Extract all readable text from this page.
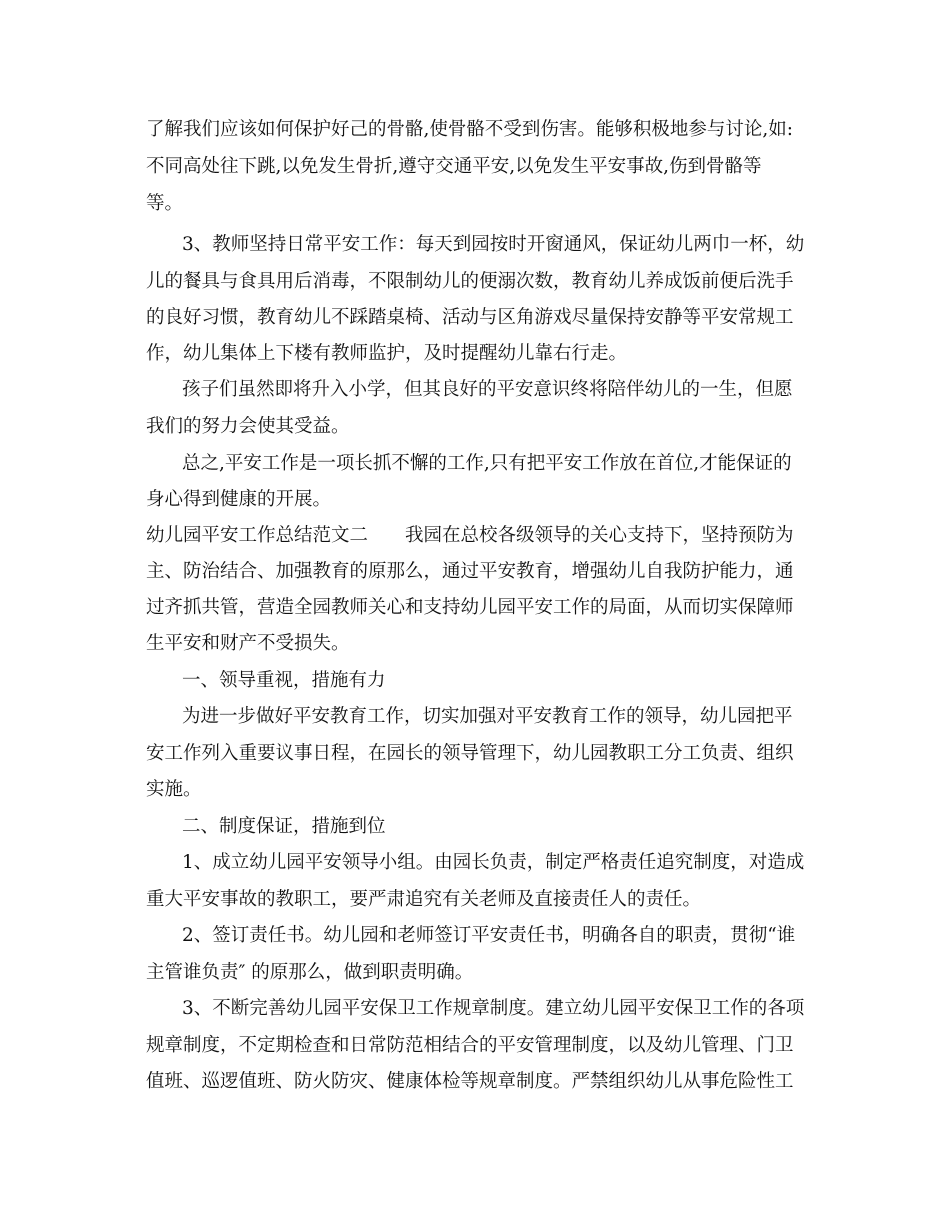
了解我们应该如何保护好己的骨骼,使骨骼不受到伤害。能够积极地参与讨论,如:
不同高处往下跳,以免发生骨折,遵守交通平安,以免发生平安事故,伤到骨骼等
等。
3、教师坚持日常平安工作：每天到园按时开窗通风，保证幼儿两巾一杯，幼
儿的餐具与食具用后消毒，不限制幼儿的便溺次数，教育幼儿养成饭前便后洗手
的良好习惯，教育幼儿不踩踏桌椅、活动与区角游戏尽量保持安静等平安常规工
作，幼儿集体上下楼有教师监护，及时提醒幼儿靠右行走。
孩子们虽然即将升入小学，但其良好的平安意识终将陪伴幼儿的一生，但愿
我们的努力会使其受益。
总之,平安工作是一项长抓不懈的工作,只有把平安工作放在首位,才能保证的
身心得到健康的开展。
幼儿园平安工作总结范文二　　我园在总校各级领导的关心支持下，坚持预防为
主、防治结合、加强教育的原那么，通过平安教育，增强幼儿自我防护能力，通
过齐抓共管，营造全园教师关心和支持幼儿园平安工作的局面，从而切实保障师
生平安和财产不受损失。
一、领导重视，措施有力
为进一步做好平安教育工作，切实加强对平安教育工作的领导，幼儿园把平
安工作列入重要议事日程，在园长的领导管理下，幼儿园教职工分工负责、组织
实施。
二、制度保证，措施到位
1、成立幼儿园平安领导小组。由园长负责，制定严格责任追究制度，对造成
重大平安事故的教职工，要严肃追究有关老师及直接责任人的责任。
2、签订责任书。幼儿园和老师签订平安责任书，明确各自的职责，贯彻“谁
主管谁负责″ 的原那么，做到职责明确。
3、不断完善幼儿园平安保卫工作规章制度。建立幼儿园平安保卫工作的各项
规章制度，不定期检查和日常防范相结合的平安管理制度，以及幼儿管理、门卫
值班、巡逻值班、防火防灾、健康体检等规章制度。严禁组织幼儿从事危险性工
